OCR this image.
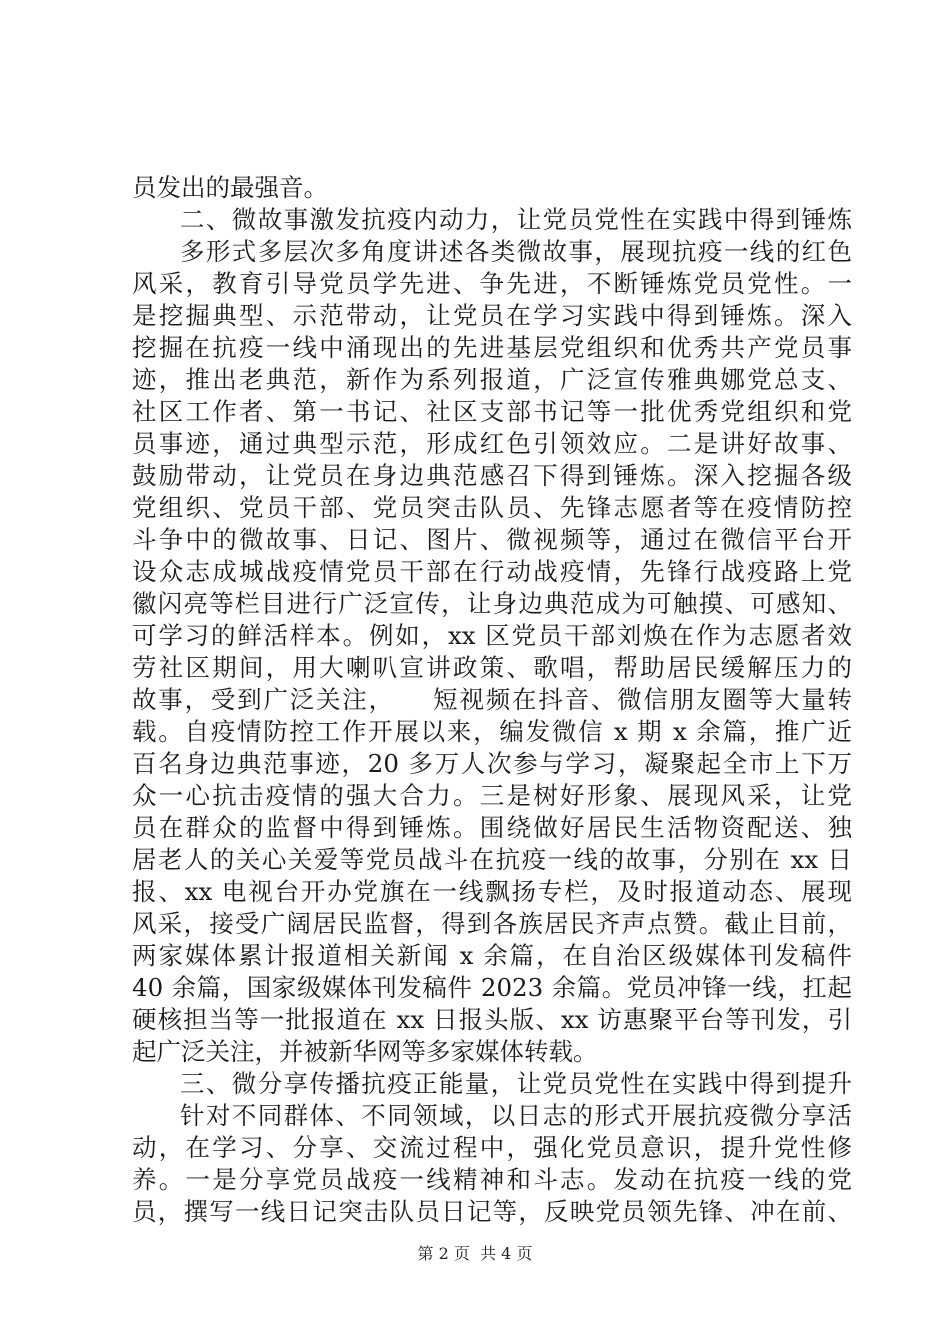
员发出的最强音。
二、微故事激发抗疫内动力，让党员党性在实践中得到锤炼
多形式多层次多角度讲述各类微故事，展现抗疫一线的红色
风采，教育引导党员学先进、争先进，不断锤炼党员党性。一
是挖掘典型、示范带动，让党员在学习实践中得到锤炼。深入
挖掘在抗疫一线中涌现出的先进基层党组织和优秀共产党员事
迹，推出老典范，新作为系列报道，广泛宣传雅典娜党总支、
社区工作者、第一书记、社区支部书记等一批优秀党组织和党
员事迹，通过典型示范，形成红色引领效应。二是讲好故事、
鼓励带动，让党员在身边典范感召下得到锤炼。深入挖掘各级
党组织、党员干部、党员突击队员、先锋志愿者等在疫情防控
斗争中的微故事、日记、图片、微视频等，通过在微信平台开
设众志成城战疫情党员干部在行动战疫情，先锋行战疫路上党
徽闪亮等栏目进行广泛宣传，让身边典范成为可触摸、可感知、
可学习的鲜活样本。例如，xx 区党员干部刘焕在作为志愿者效
劳社区期间，用大喇叭宣讲政策、歌唱，帮助居民缓解压力的
故事，受到广泛关注，    短视频在抖音、微信朋友圈等大量转
载。自疫情防控工作开展以来，编发微信 x 期 x 余篇，推广近
百名身边典范事迹，20 多万人次参与学习，凝聚起全市上下万
众一心抗击疫情的强大合力。三是树好形象、展现风采，让党
员在群众的监督中得到锤炼。围绕做好居民生活物资配送、独
居老人的关心关爱等党员战斗在抗疫一线的故事，分别在 xx 日
报、xx 电视台开办党旗在一线飘扬专栏，及时报道动态、展现
风采，接受广阔居民监督，得到各族居民齐声点赞。截止目前，
两家媒体累计报道相关新闻 x 余篇，在自治区级媒体刊发稿件
40 余篇，国家级媒体刊发稿件 2023 余篇。党员冲锋一线，扛起
硬核担当等一批报道在 xx 日报头版、xx 访惠聚平台等刊发，引
起广泛关注，并被新华网等多家媒体转载。
三、微分享传播抗疫正能量，让党员党性在实践中得到提升
针对不同群体、不同领域，以日志的形式开展抗疫微分享活
动，在学习、分享、交流过程中，强化党员意识，提升党性修
养。一是分享党员战疫一线精神和斗志。发动在抗疫一线的党
员，撰写一线日记突击队员日记等，反映党员领先锋、冲在前、
第 2 页  共 4 页
